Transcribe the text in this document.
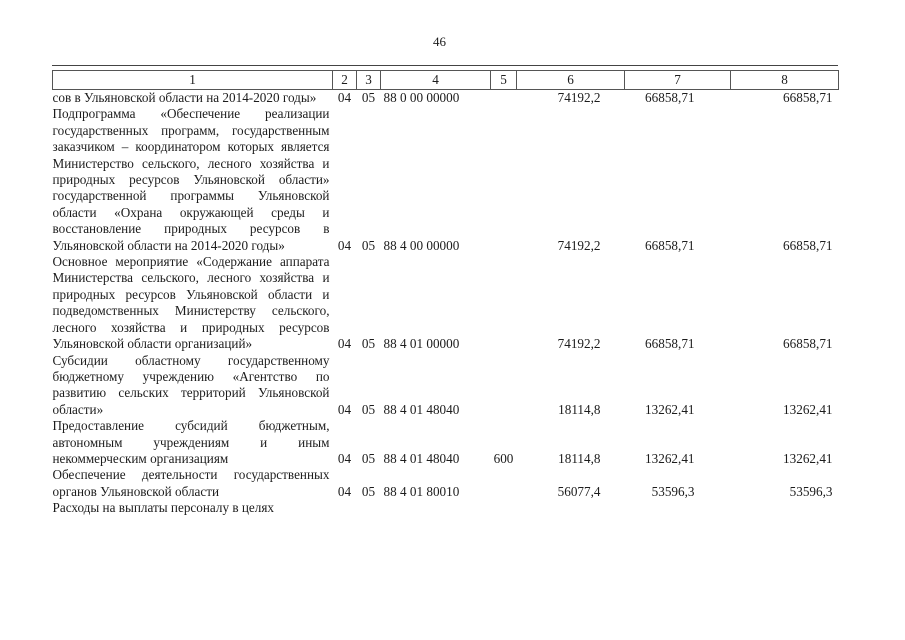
46
1	2	3	4	5	6	7	8
сов в Ульяновской области на 2014-2020 годы»	04	05	88 0 00 00000		74192,2	66858,71	66858,71
Подпрограмма «Обеспечение реализации государственных программ, государственным заказчиком – координатором которых является Министерство сельского, лесного хозяйства и природных ресурсов Ульяновской области» государственной программы Ульяновской области «Охрана окружающей среды и восстановление природных ресурсов в Ульяновской области на 2014-2020 годы»	04	05	88 4 00 00000		74192,2	66858,71	66858,71
Основное мероприятие «Содержание аппарата Министерства сельского, лесного хозяйства и природных ресурсов Ульяновской области и подведомственных Министерству сельского, лесного хозяйства и природных ресурсов Ульяновской области организаций»	04	05	88 4 01 00000		74192,2	66858,71	66858,71
Субсидии областному государственному бюджетному учреждению «Агентство по развитию сельских территорий Ульяновской области»	04	05	88 4 01 48040		18114,8	13262,41	13262,41
Предоставление субсидий бюджетным, автономным учреждениям и иным некоммерческим организациям	04	05	88 4 01 48040	600	18114,8	13262,41	13262,41
Обеспечение деятельности государственных органов Ульяновской области	04	05	88 4 01 80010		56077,4	53596,3	53596,3
Расходы на выплаты персоналу в целях							
